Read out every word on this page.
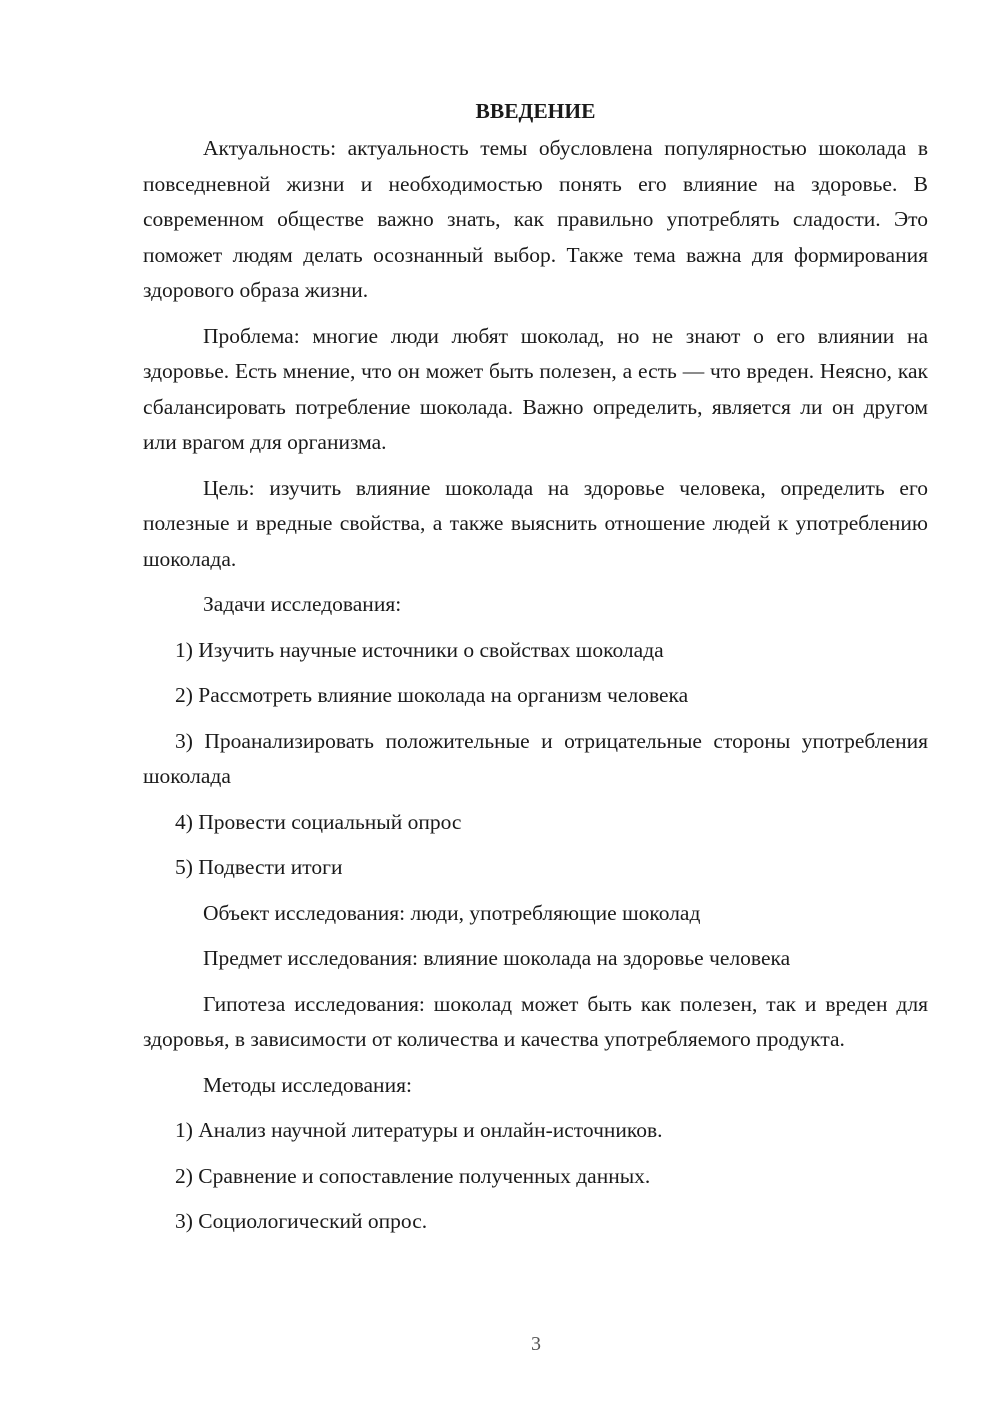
ВВЕДЕНИЕ

Актуальность: актуальность темы обусловлена популярностью шоколада в повседневной жизни и необходимостью понять его влияние на здоровье. В современном обществе важно знать, как правильно употреблять сладости. Это поможет людям делать осознанный выбор. Также тема важна для формирования здорового образа жизни.

Проблема: многие люди любят шоколад, но не знают о его влиянии на здоровье. Есть мнение, что он может быть полезен, а есть — что вреден. Неясно, как сбалансировать потребление шоколада. Важно определить, является ли он другом или врагом для организма.

Цель: изучить влияние шоколада на здоровье человека, определить его полезные и вредные свойства, а также выяснить отношение людей к употреблению шоколада.

Задачи исследования:
1) Изучить научные источники о свойствах шоколада
2) Рассмотреть влияние шоколада на организм человека
3) Проанализировать положительные и отрицательные стороны употребления шоколада
4) Провести социальный опрос
5) Подвести итоги
Объект исследования: люди, употребляющие шоколад
Предмет исследования: влияние шоколада на здоровье человека

Гипотеза исследования: шоколад может быть как полезен, так и вреден для здоровья, в зависимости от количества и качества употребляемого продукта.

Методы исследования:
1) Анализ научной литературы и онлайн-источников.
2) Сравнение и сопоставление полученных данных.
3) Социологический опрос.
3
